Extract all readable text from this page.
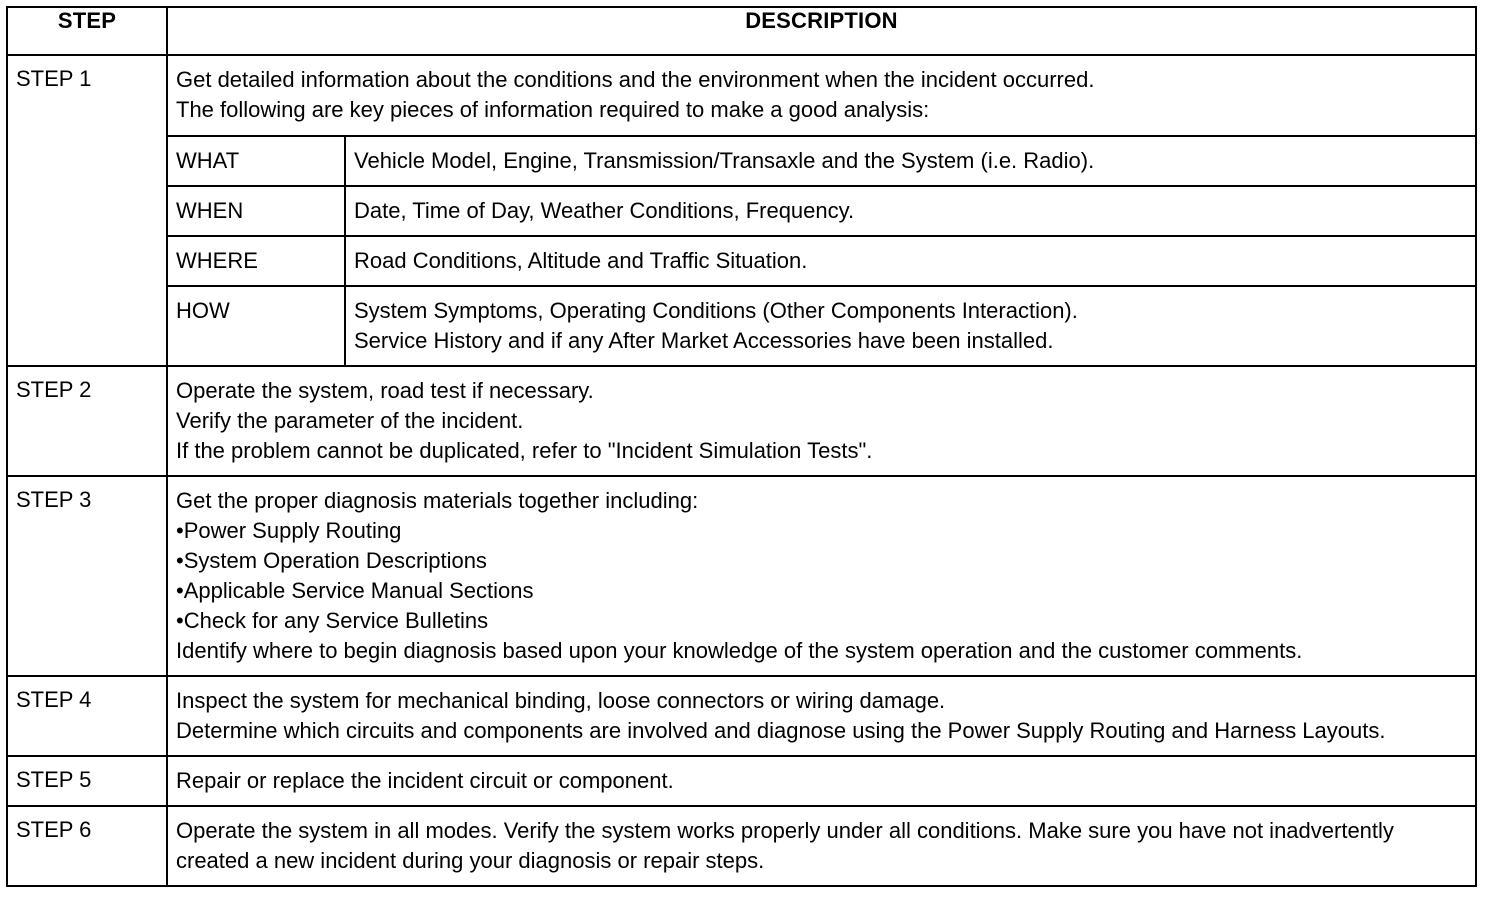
STEP	DESCRIPTION
STEP 1	Get detailed information about the conditions and the environment when the incident occurred.
The following are key pieces of information required to make a good analysis:
WHAT	Vehicle Model, Engine, Transmission/Transaxle and the System (i.e. Radio).

WHEN	Date, Time of Day, Weather Conditions, Frequency.

WHERE	Road Conditions, Altitude and Traffic Situation.

HOW	System Symptoms, Operating Conditions (Other Components Interaction).
Service History and if any After Market Accessories have been installed.

STEP 2	Operate the system, road test if necessary.
Verify the parameter of the incident.
If the problem cannot be duplicated, refer to "Incident Simulation Tests".

STEP 3	Get the proper diagnosis materials together including:
•Power Supply Routing
•System Operation Descriptions
•Applicable Service Manual Sections
•Check for any Service Bulletins
Identify where to begin diagnosis based upon your knowledge of the system operation and the customer comments.

STEP 4	Inspect the system for mechanical binding, loose connectors or wiring damage.
Determine which circuits and components are involved and diagnose using the Power Supply Routing and Harness Layouts.

STEP 5	Repair or replace the incident circuit or component.

STEP 6	Operate the system in all modes. Verify the system works properly under all conditions. Make sure you have not inadvertently created a new incident during your diagnosis or repair steps.
